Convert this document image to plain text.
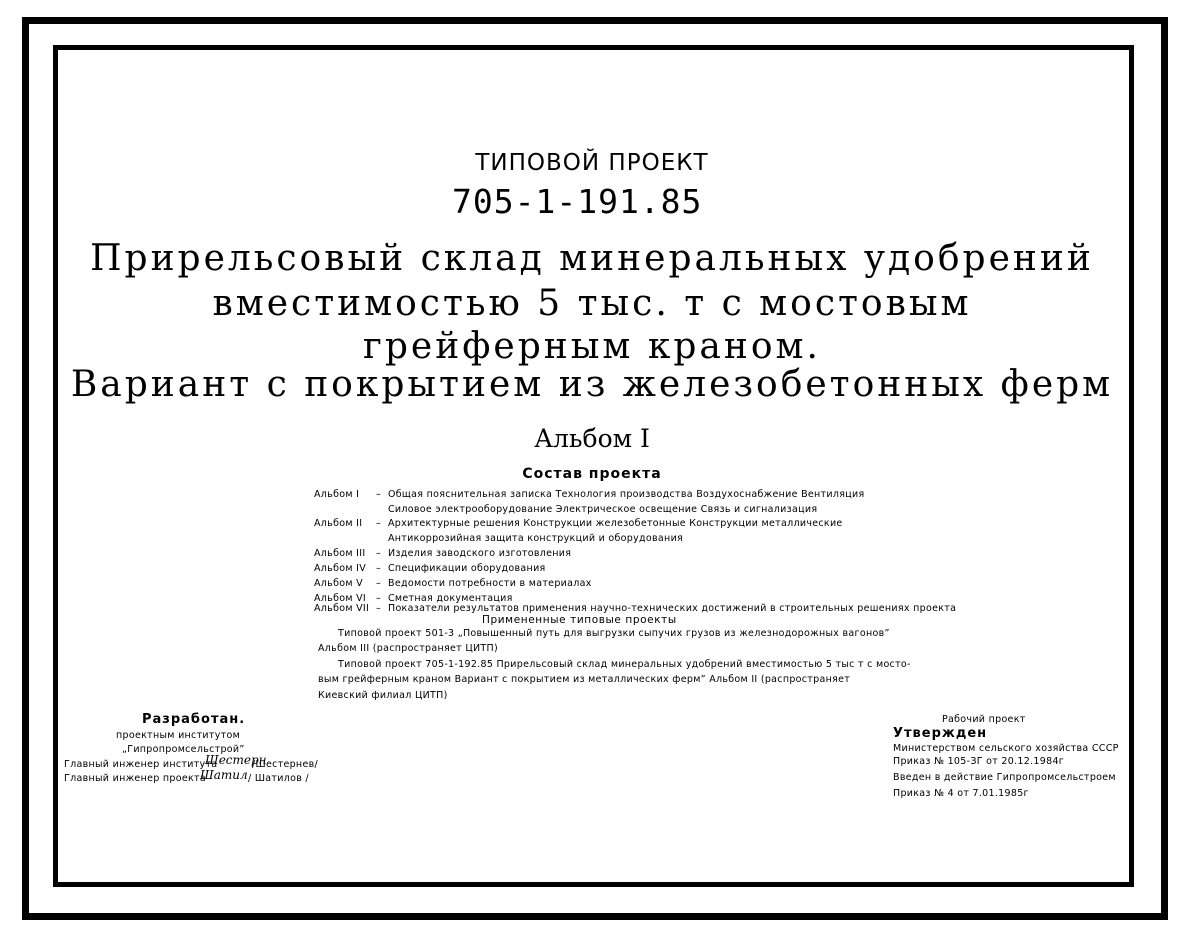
ТИПОВОЙ ПРОЕКТ
705-1-191.85
Прирельсовый склад минеральных удобрений
вместимостью 5 тыс. т с мостовым
грейферным краном.
Вариант с покрытием из железобетонных ферм
Альбом I
Состав проекта
Альбом I – Общая пояснительная записка Технология производства Воздухоснабжение Вентиляция
Силовое электрооборудование Электрическое освещение Связь и сигнализация
Альбом II – Архитектурные решения Конструкции железобетонные Конструкции металлические
Антикоррозийная защита конструкций и оборудования
Альбом III – Изделия заводского изготовления
Альбом IV – Спецификации оборудования
Альбом V – Ведомости потребности в материалах
Альбом VI – Сметная документация
Альбом VII – Показатели результатов применения научно-технических достижений в строительных решениях проекта
Примененные типовые проекты
Типовой проект 501-3 „Повышенный путь для выгрузки сыпучих грузов из железнодорожных вагонов”
Альбом III (распространяет ЦИТП)
Типовой проект 705-1-192.85 Прирельсовый склад минеральных удобрений вместимостью 5 тыс т с мосто-
вым грейферным краном Вариант с покрытием из металлических ферм” Альбом II (распространяет
Киевский филиал ЦИТП)
Разработан.
проектным институтом
„Гипропромсельстрой”
Главный инженер института
Шестерн
/Шестернев/
Главный инженер проекта
Шатил / Шатилов /
Рабочий проект
Утвержден
Министерством сельского хозяйства СССР
Приказ № 105-ЗГ от 20.12.1984г
Введен в действие Гипропромсельстроем
Приказ № 4 от 7.01.1985г
